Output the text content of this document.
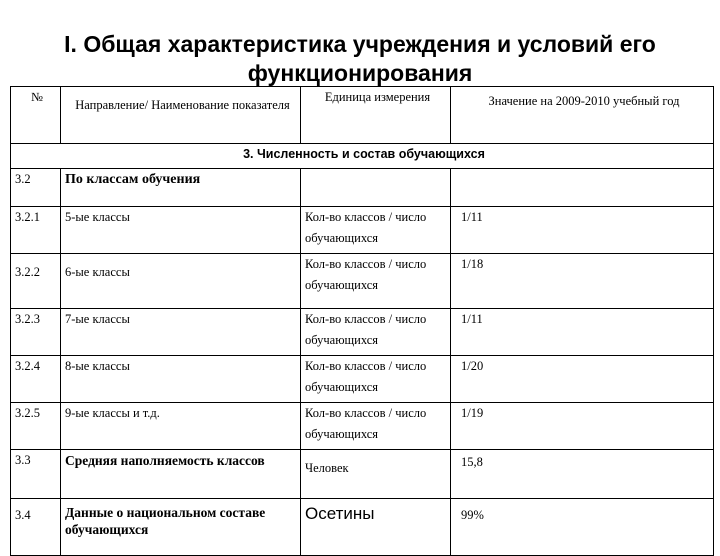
I. Общая характеристика учреждения и условий его
функционирования
№	Направление/ Наименование показателя	Единица измерения	Значение на 2009-2010 учебный год
3. Численность и состав обучающихся			
3.2	По классам обучения		
3.2.1	5-ые классы	Кол-во классов / число обучающихся	1/11
3.2.2	6-ые классы	Кол-во классов / число обучающихся	1/18
3.2.3	7-ые классы	Кол-во классов / число обучающихся	1/11
3.2.4	8-ые классы	Кол-во классов / число обучающихся	1/20
3.2.5	9-ые классы и т.д.	Кол-во классов / число обучающихся	1/19
3.3	Средняя наполняемость классов	Человек	15,8
3.4	Данные о национальном составе обучающихся	Осетины	99%
